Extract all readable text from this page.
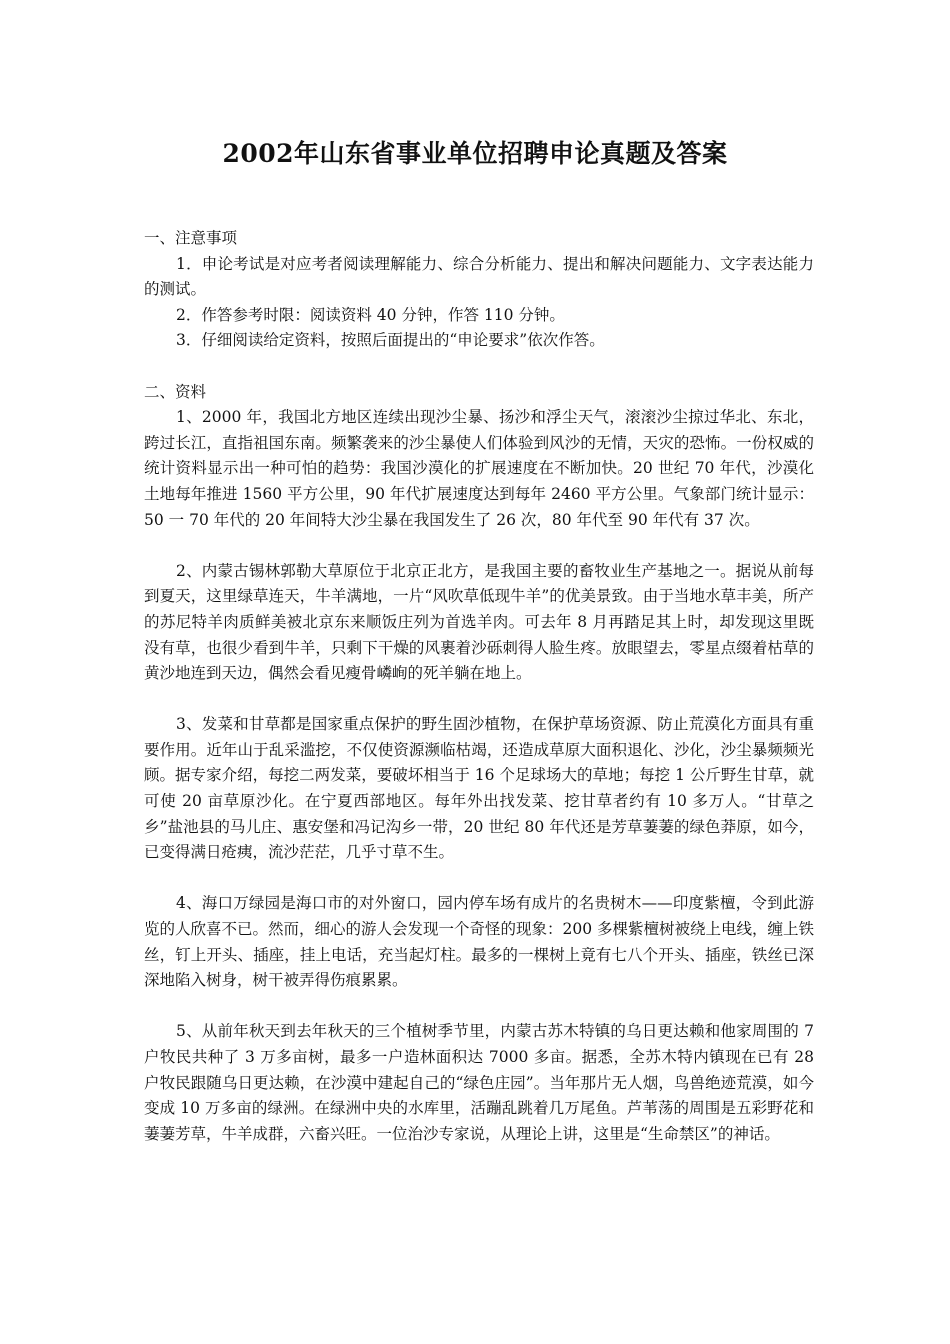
2002年山东省事业单位招聘申论真题及答案

一、注意事项

1．申论考试是对应考者阅读理解能力、综合分析能力、提出和解决问题能力、文字表达能力的测试。

2．作答参考时限：阅读资料 40 分钟，作答 110 分钟。

3．仔细阅读给定资料，按照后面提出的“申论要求”依次作答。

二、资料

1、2000 年，我国北方地区连续出现沙尘暴、扬沙和浮尘天气，滚滚沙尘掠过华北、东北，跨过长江，直指祖国东南。频繁袭来的沙尘暴使人们体验到风沙的无情，天灾的恐怖。一份权威的统计资料显示出一种可怕的趋势：我国沙漠化的扩展速度在不断加快。20 世纪 70 年代，沙漠化土地每年推进 1560 平方公里，90 年代扩展速度达到每年 2460 平方公里。气象部门统计显示：50 一 70 年代的 20 年间特大沙尘暴在我国发生了 26 次，80 年代至 90 年代有 37 次。

2、内蒙古锡林郭勒大草原位于北京正北方，是我国主要的畜牧业生产基地之一。据说从前每到夏天，这里绿草连天，牛羊满地，一片“风吹草低现牛羊”的优美景致。由于当地水草丰美，所产的苏尼特羊肉质鲜美被北京东来顺饭庄列为首选羊肉。可去年 8 月再踏足其上时，却发现这里既没有草，也很少看到牛羊，只剩下干燥的风裹着沙砾刺得人脸生疼。放眼望去，零星点缀着枯草的黄沙地连到天边，偶然会看见瘦骨嶙峋的死羊躺在地上。

3、发菜和甘草都是国家重点保护的野生固沙植物，在保护草场资源、防止荒漠化方面具有重要作用。近年山于乱采滥挖，不仅使资源濒临枯竭，还造成草原大面积退化、沙化，沙尘暴频频光顾。据专家介绍，每挖二两发菜，要破坏相当于 16 个足球场大的草地；每挖 1 公斤野生甘草，就可使 20 亩草原沙化。在宁夏西部地区。每年外出找发菜、挖甘草者约有 10 多万人。“甘草之乡”盐池县的马儿庄、惠安堡和冯记沟乡一带，20 世纪 80 年代还是芳草萋萋的绿色莽原，如今，已变得满日疮痍，流沙茫茫，几乎寸草不生。

4、海口万绿园是海口市的对外窗口，园内停车场有成片的名贵树木——印度紫檀，令到此游览的人欣喜不已。然而，细心的游人会发现一个奇怪的现象：200 多棵紫檀树被绕上电线，缠上铁丝，钉上开头、插座，挂上电话，充当起灯柱。最多的一棵树上竟有七八个开头、插座，铁丝已深深地陷入树身，树干被弄得伤痕累累。

5、从前年秋天到去年秋天的三个植树季节里，内蒙古苏木特镇的乌日更达赖和他家周围的 7 户牧民共种了 3 万多亩树，最多一户造林面积达 7000 多亩。据悉，全苏木特内镇现在已有 28 户牧民跟随乌日更达赖，在沙漠中建起自己的“绿色庄园”。当年那片无人烟，鸟兽绝迹荒漠，如今变成 10 万多亩的绿洲。在绿洲中央的水库里，活蹦乱跳着几万尾鱼。芦苇荡的周围是五彩野花和萋萋芳草，牛羊成群，六畜兴旺。一位治沙专家说，从理论上讲，这里是“生命禁区”的神话。
